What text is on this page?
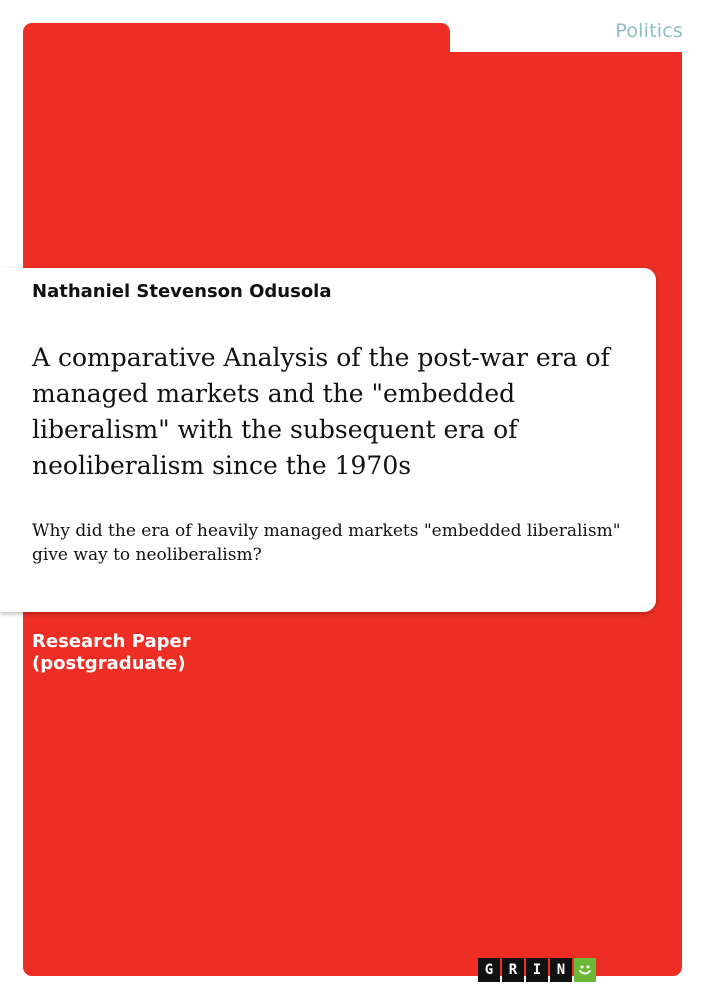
Politics
Nathaniel Stevenson Odusola
A comparative Analysis of the post-war era of managed markets and the "embedded liberalism" with the subsequent era of neoliberalism since the 1970s

Why did the era of heavily managed markets "embedded liberalism" give way to neoliberalism?

Research Paper
(postgraduate)
G	R	I	N
